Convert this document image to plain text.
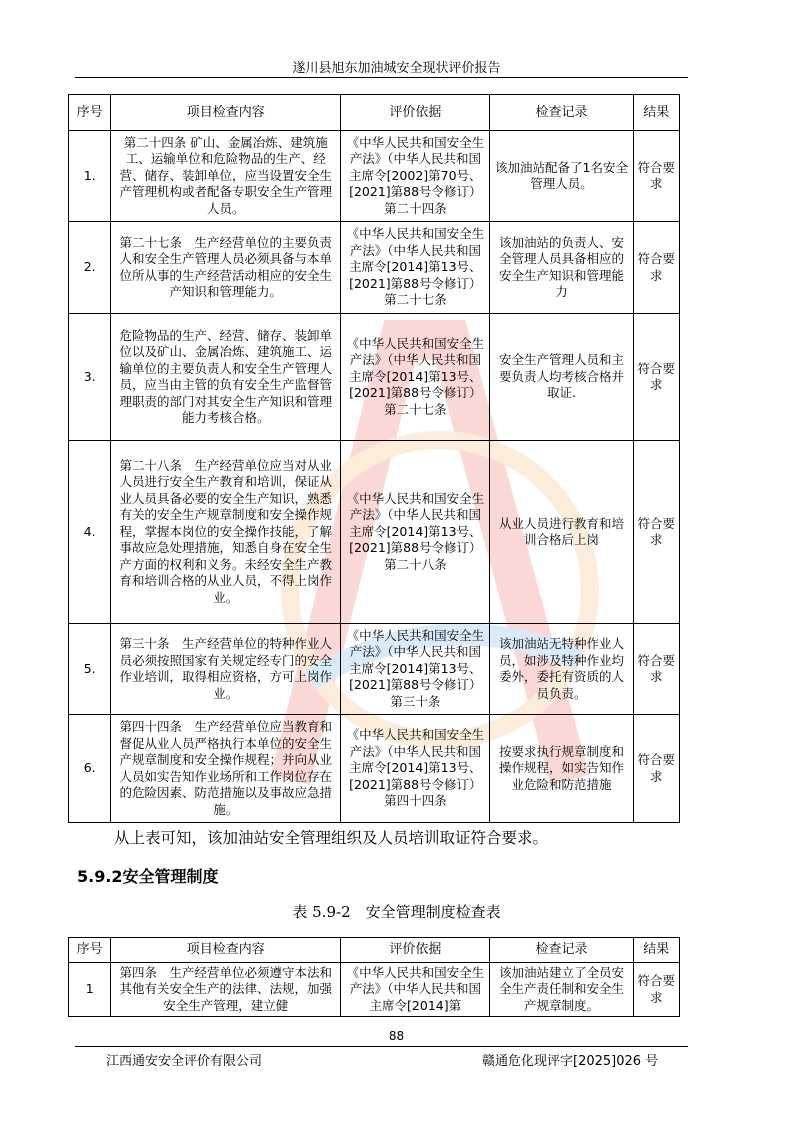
遂川县旭东加油城安全现状评价报告
序号	项目检查内容	评价依据	检查记录	结果
1.	第二十四条 矿山、金属冶炼、建筑施工、运输单位和危险物品的生产、经营、储存、装卸单位，应当设置安全生产管理机构或者配备专职安全生产管理人员。	《中华人民共和国安全生产法》（中华人民共和国主席令[2002]第70号、[2021]第88号令修订）第二十四条	该加油站配备了1名安全管理人员。	符合要求
2.	第二十七条　生产经营单位的主要负责人和安全生产管理人员必须具备与本单位所从事的生产经营活动相应的安全生产知识和管理能力。	《中华人民共和国安全生产法》（中华人民共和国主席令[2014]第13号、[2021]第88号令修订）第二十七条	该加油站的负责人、安全管理人员具备相应的安全生产知识和管理能力	符合要求
3.	危险物品的生产、经营、储存、装卸单位以及矿山、金属冶炼、建筑施工、运输单位的主要负责人和安全生产管理人员，应当由主管的负有安全生产监督管理职责的部门对其安全生产知识和管理能力考核合格。	《中华人民共和国安全生产法》（中华人民共和国主席令[2014]第13号、[2021]第88号令修订）第二十七条	安全生产管理人员和主要负责人均考核合格并取证.	符合要求
4.	第二十八条　生产经营单位应当对从业人员进行安全生产教育和培训，保证从业人员具备必要的安全生产知识，熟悉有关的安全生产规章制度和安全操作规程，掌握本岗位的安全操作技能，了解事故应急处理措施，知悉自身在安全生产方面的权利和义务。未经安全生产教育和培训合格的从业人员，不得上岗作业。	《中华人民共和国安全生产法》（中华人民共和国主席令[2014]第13号、[2021]第88号令修订）第二十八条	从业人员进行教育和培训合格后上岗	符合要求
5.	第三十条　生产经营单位的特种作业人员必须按照国家有关规定经专门的安全作业培训，取得相应资格，方可上岗作业。	《中华人民共和国安全生产法》（中华人民共和国主席令[2014]第13号、[2021]第88号令修订）第三十条	该加油站无特种作业人员，如涉及特种作业均委外，委托有资质的人员负责。	符合要求
6.	第四十四条　生产经营单位应当教育和督促从业人员严格执行本单位的安全生产规章制度和安全操作规程；并向从业人员如实告知作业场所和工作岗位存在的危险因素、防范措施以及事故应急措施。	《中华人民共和国安全生产法》（中华人民共和国主席令[2014]第13号、[2021]第88号令修订）第四十四条	按要求执行规章制度和操作规程，如实告知作业危险和防范措施	符合要求
从上表可知，该加油站安全管理组织及人员培训取证符合要求。
5.9.2安全管理制度
表 5.9-2　安全管理制度检查表
序号	项目检查内容	评价依据	检查记录	结果
1	第四条　生产经营单位必须遵守本法和其他有关安全生产的法律、法规，加强安全生产管理，建立健	《中华人民共和国安全生产法》（中华人民共和国主席令[2014]第	该加油站建立了全员安全生产责任制和安全生产规章制度。	符合要求
88
江西通安安全评价有限公司	赣通危化现评字[2025]026 号
